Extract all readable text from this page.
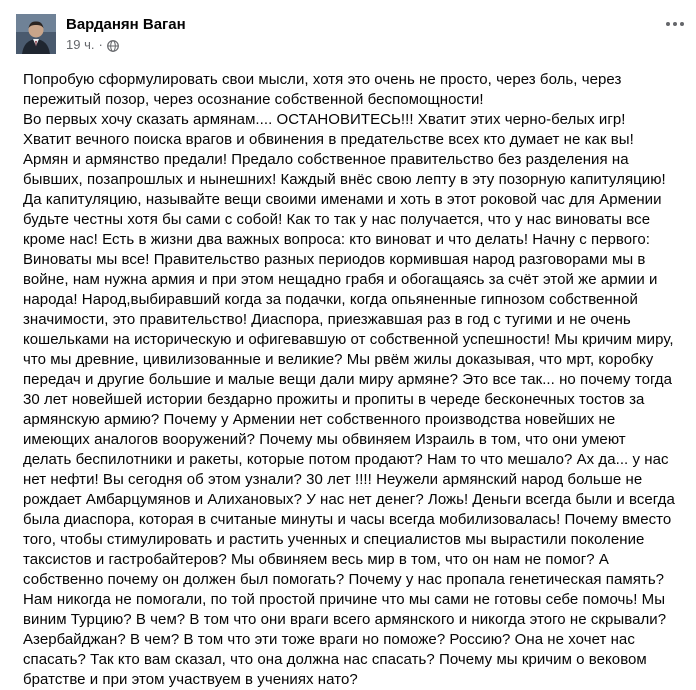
Варданян Ваган
19 ч. ·

Попробую сформулировать свои мысли, хотя это очень не просто, через боль, через пережитый позор, через осознание собственной беспомощности!

Во первых хочу сказать армянам.... ОСТАНОВИТЕСЬ!!! Хватит этих черно-белых игр! Хватит вечного поиска врагов и обвинения в предательстве всех кто думает не как вы! Армян и армянство предали! Предало собственное правительство без разделения на бывших, позапрошлых и нынешних! Каждый внёс свою лепту в эту позорную капитуляцию! Да капитуляцию, называйте вещи своими именами и хоть в этот роковой час для Армении будьте честны хотя бы сами с собой! Как то так у нас получается, что у нас виноваты все кроме нас! Есть в жизни два важных вопроса: кто виноват и что делать! Начну с первого: Виноваты мы все! Правительство разных периодов кормившая народ разговорами мы в войне, нам нужна армия и при этом нещадно грабя и обогащаясь за счёт этой же армии и народа! Народ,выбиравший когда за подачки, когда опьяненные гипнозом собственной значимости, это правительство! Диаспора, приезжавшая раз в год с тугими и не очень кошельками на историческую и офигевавшую от собственной успешности! Мы кричим миру, что мы древние, цивилизованные и великие? Мы рвём жилы доказывая, что мрт, коробку передач и другие большие и малые вещи дали миру армяне? Это все так... но почему тогда 30 лет новейшей истории бездарно прожиты и пропиты в череде бесконечных тостов за армянскую армию? Почему у Армении нет собственного производства новейших не имеющих аналогов вооружений? Почему мы обвиняем Израиль в том, что они умеют делать беспилотники и ракеты, которые потом продают? Нам то что мешало? Ах да... у нас нет нефти! Вы сегодня об этом узнали? 30 лет !!!! Неужели армянский народ больше не рождает Амбарцумянов и Алихановых? У нас нет денег? Ложь! Деньги всегда были и всегда была диаспора, которая в считаные минуты и часы всегда мобилизовалась! Почему вместо того, чтобы стимулировать и растить ученных и специалистов мы вырастили поколение таксистов и гастробайтеров? Мы обвиняем весь мир в том, что он нам не помог? А собственно почему он должен был помогать? Почему у нас пропала генетическая память? Нам никогда не помогали, по той простой причине что мы сами не готовы себе помочь! Мы виним Турцию? В чем? В том что они враги всего армянского и никогда этого не скрывали? Азербайджан? В чем? В том что эти тоже враги но поможе? Россию? Она не хочет нас спасать? Так кто вам сказал, что она должна нас спасать? Почему мы кричим о вековом братстве и при этом участвуем в учениях нато?
